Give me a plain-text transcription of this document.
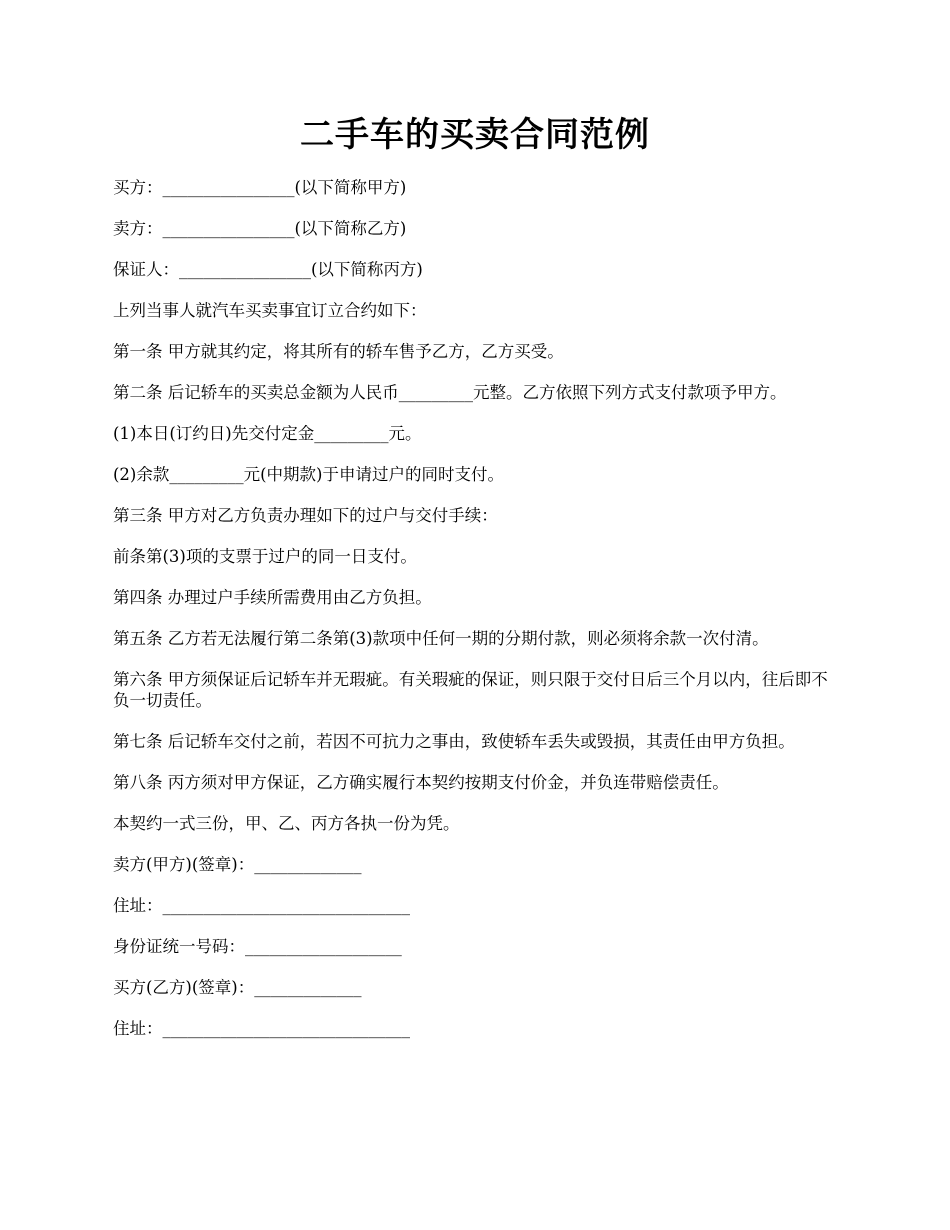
二手车的买卖合同范例

买方：________________(以下简称甲方)

卖方：________________(以下简称乙方)

保证人：________________(以下简称丙方)

上列当事人就汽车买卖事宜订立合约如下：

第一条 甲方就其约定，将其所有的轿车售予乙方，乙方买受。

第二条 后记轿车的买卖总金额为人民币_________元整。乙方依照下列方式支付款项予甲方。

(1)本日(订约日)先交付定金_________元。

(2)余款_________元(中期款)于申请过户的同时支付。

第三条 甲方对乙方负责办理如下的过户与交付手续：

前条第(3)项的支票于过户的同一日支付。

第四条 办理过户手续所需费用由乙方负担。

第五条 乙方若无法履行第二条第(3)款项中任何一期的分期付款，则必须将余款一次付清。

第六条 甲方须保证后记轿车并无瑕疵。有关瑕疵的保证，则只限于交付日后三个月以内，往后即不负一切责任。

第七条 后记轿车交付之前，若因不可抗力之事由，致使轿车丢失或毁损，其责任由甲方负担。

第八条 丙方须对甲方保证，乙方确实履行本契约按期支付价金，并负连带赔偿责任。

本契约一式三份，甲、乙、丙方各执一份为凭。

卖方(甲方)(签章)：_____________

住址：______________________________

身份证统一号码：___________________

买方(乙方)(签章)：_____________

住址：______________________________
